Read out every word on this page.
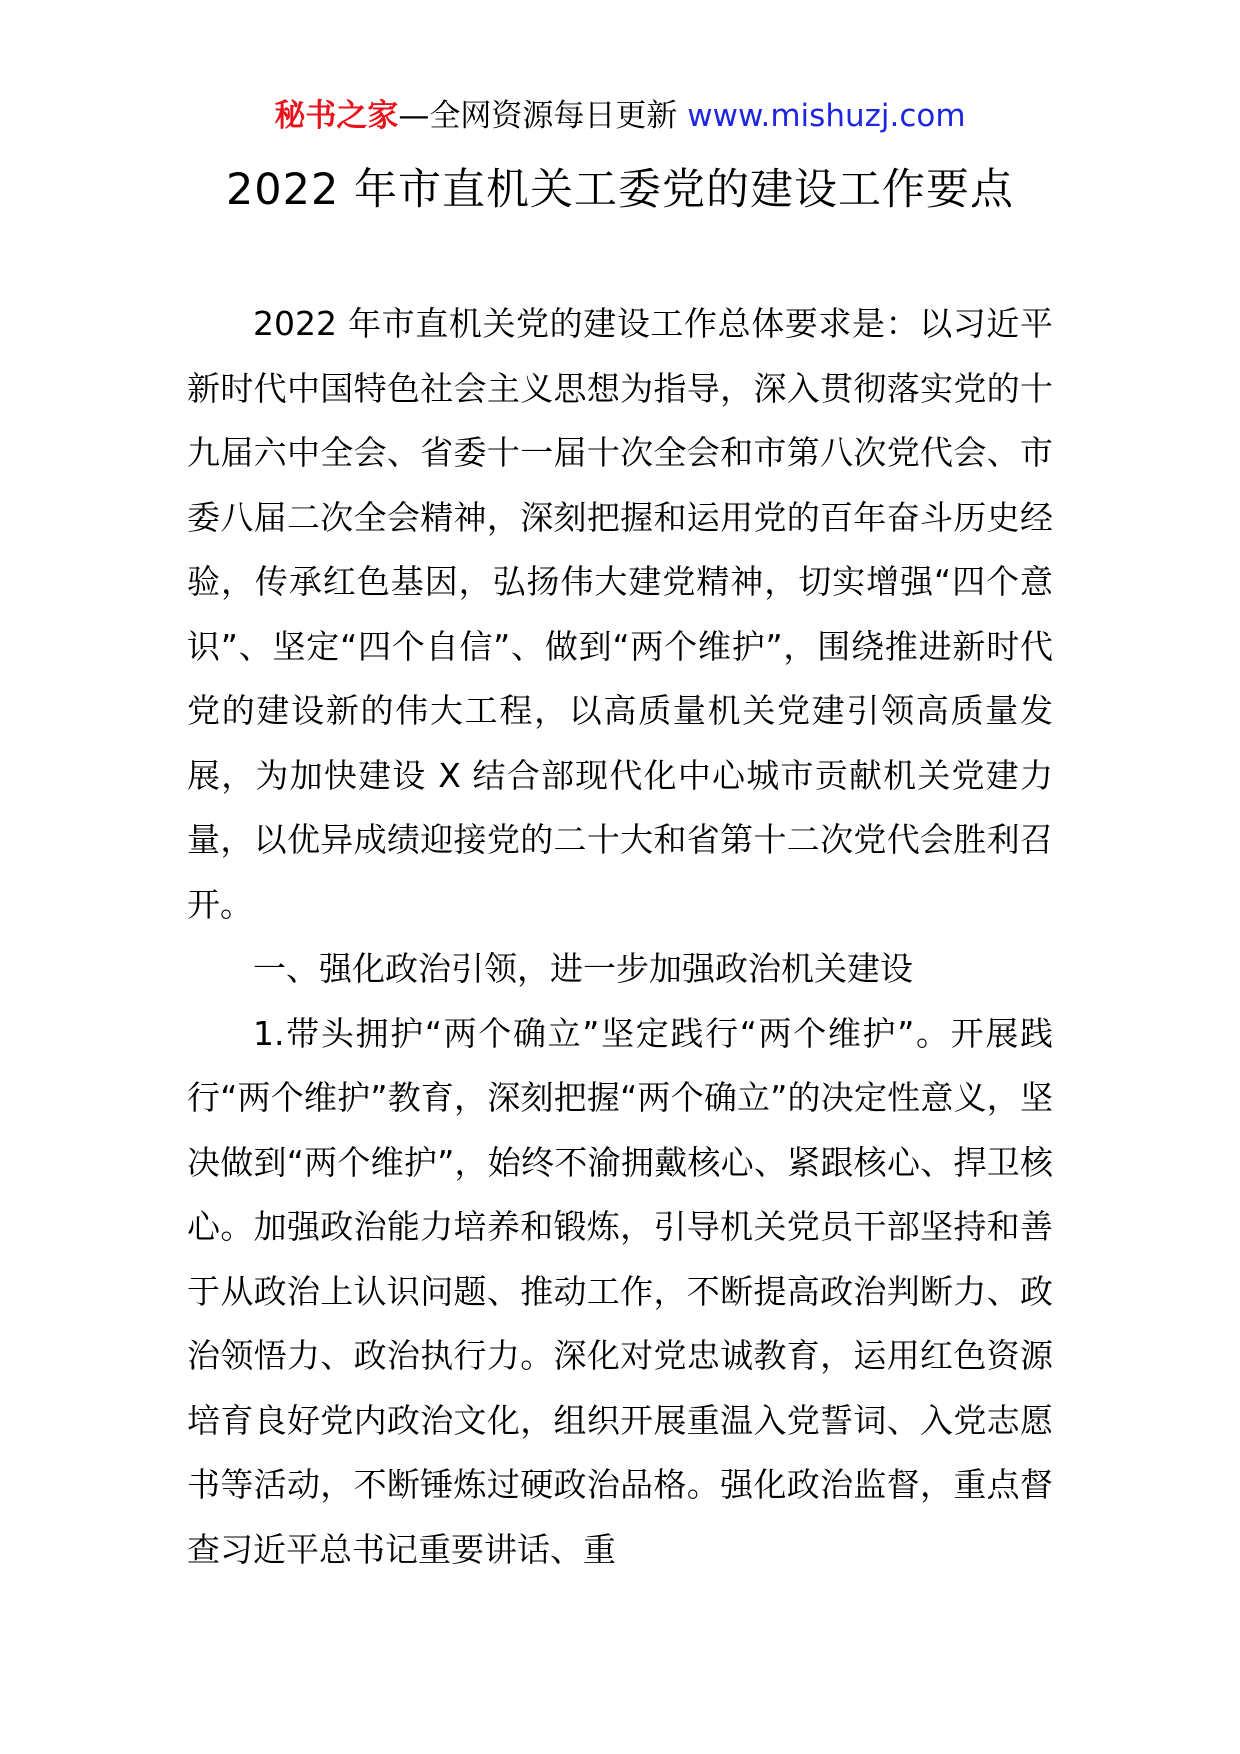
秘书之家—全网资源每日更新 www.mishuzj.com
2022 年市直机关工委党的建设工作要点

2022 年市直机关党的建设工作总体要求是：以习近平新时代中国特色社会主义思想为指导，深入贯彻落实党的十九届六中全会、省委十一届十次全会和市第八次党代会、市委八届二次全会精神，深刻把握和运用党的百年奋斗历史经验，传承红色基因，弘扬伟大建党精神，切实增强“四个意识”、坚定“四个自信”、做到“两个维护”，围绕推进新时代党的建设新的伟大工程，以高质量机关党建引领高质量发展，为加快建设 X 结合部现代化中心城市贡献机关党建力量，以优异成绩迎接党的二十大和省第十二次党代会胜利召开。

一、强化政治引领，进一步加强政治机关建设

1.带头拥护“两个确立”坚定践行“两个维护”。开展践行“两个维护”教育，深刻把握“两个确立”的决定性意义，坚决做到“两个维护”，始终不渝拥戴核心、紧跟核心、捍卫核心。加强政治能力培养和锻炼，引导机关党员干部坚持和善于从政治上认识问题、推动工作，不断提高政治判断力、政治领悟力、政治执行力。深化对党忠诚教育，运用红色资源培育良好党内政治文化，组织开展重温入党誓词、入党志愿书等活动，不断锤炼过硬政治品格。强化政治监督，重点督查习近平总书记重要讲话、重
